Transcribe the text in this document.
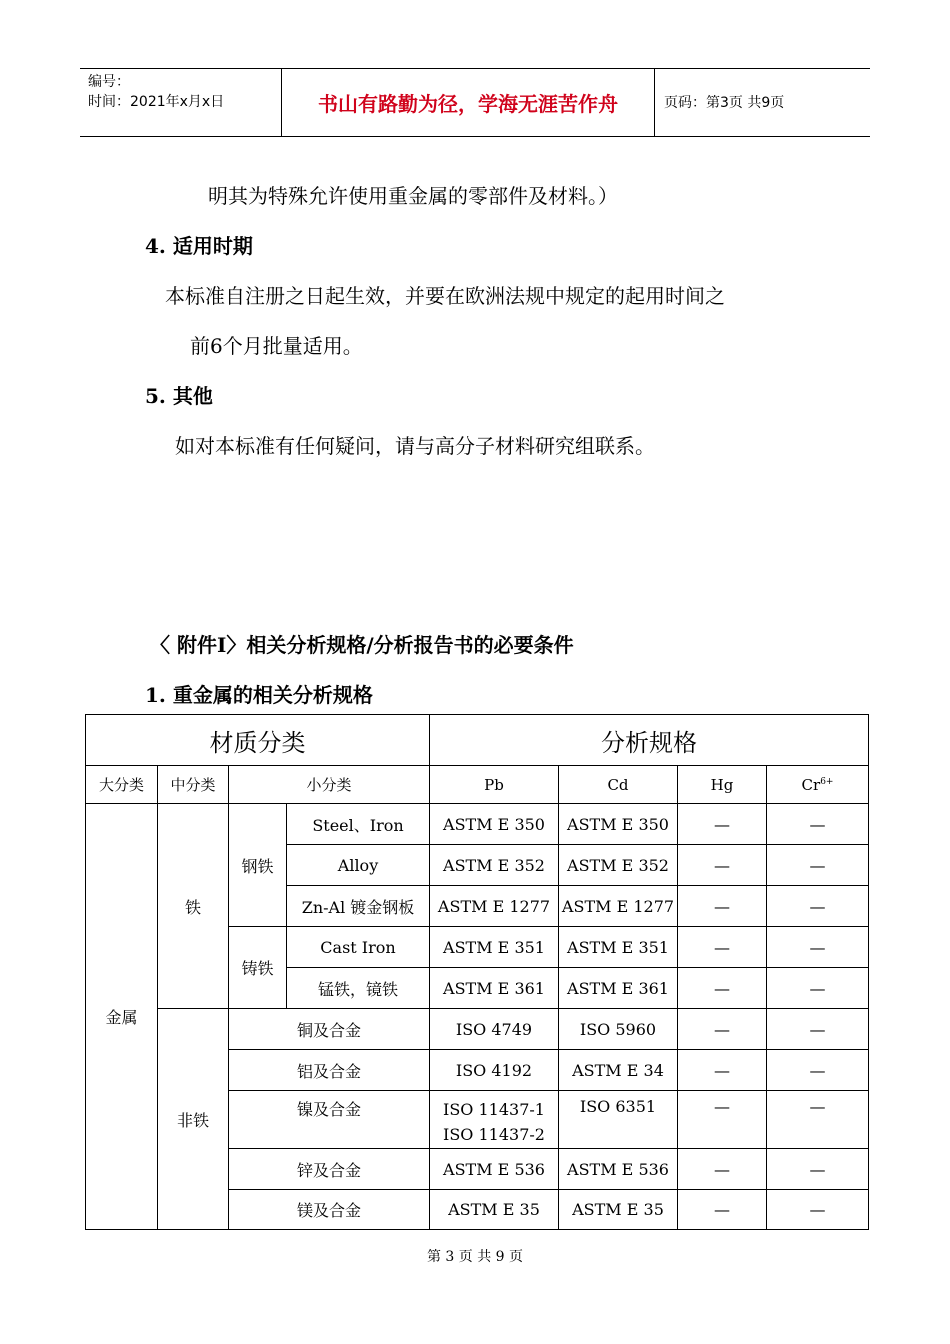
编号：
时间：2021年x月x日	书山有路勤为径，学海无涯苦作舟	页码：第3页 共9页
明其为特殊允许使用重金属的零部件及材料。）
4. 适用时期
本标准自注册之日起生效，并要在欧洲法规中规定的起用时间之
前6个月批量适用。
5. 其他
如对本标准有任何疑问，请与高分子材料研究组联系。
〈 附件Ⅰ〉相关分析规格/分析报告书的必要条件
1. 重金属的相关分析规格
材质分类				分析规格			
大分类	中分类	小分类		Pb	Cd	Hg	$Cr^{6+}$
金属	铁	钢铁	Steel、Iron	ASTM E 350	ASTM E 350	—	—
			Alloy	ASTM E 352	ASTM E 352	—	—
			Zn-Al 镀金钢板	ASTM E 1277	ASTM E 1277	—	—
		铸铁	Cast Iron	ASTM E 351	ASTM E 351	—	—
			锰铁，镜铁	ASTM E 361	ASTM E 361	—	—
	非铁	铜及合金		ISO 4749	ISO 5960	—	—
		铝及合金		ISO 4192	ASTM E 34	—	—
		镍及合金		ISO 11437-1
ISO 11437-2	ISO 6351	—	—
		锌及合金		ASTM E 536	ASTM E 536	—	—
		镁及合金		ASTM E 35	ASTM E 35	—	—
第 3 页 共 9 页
